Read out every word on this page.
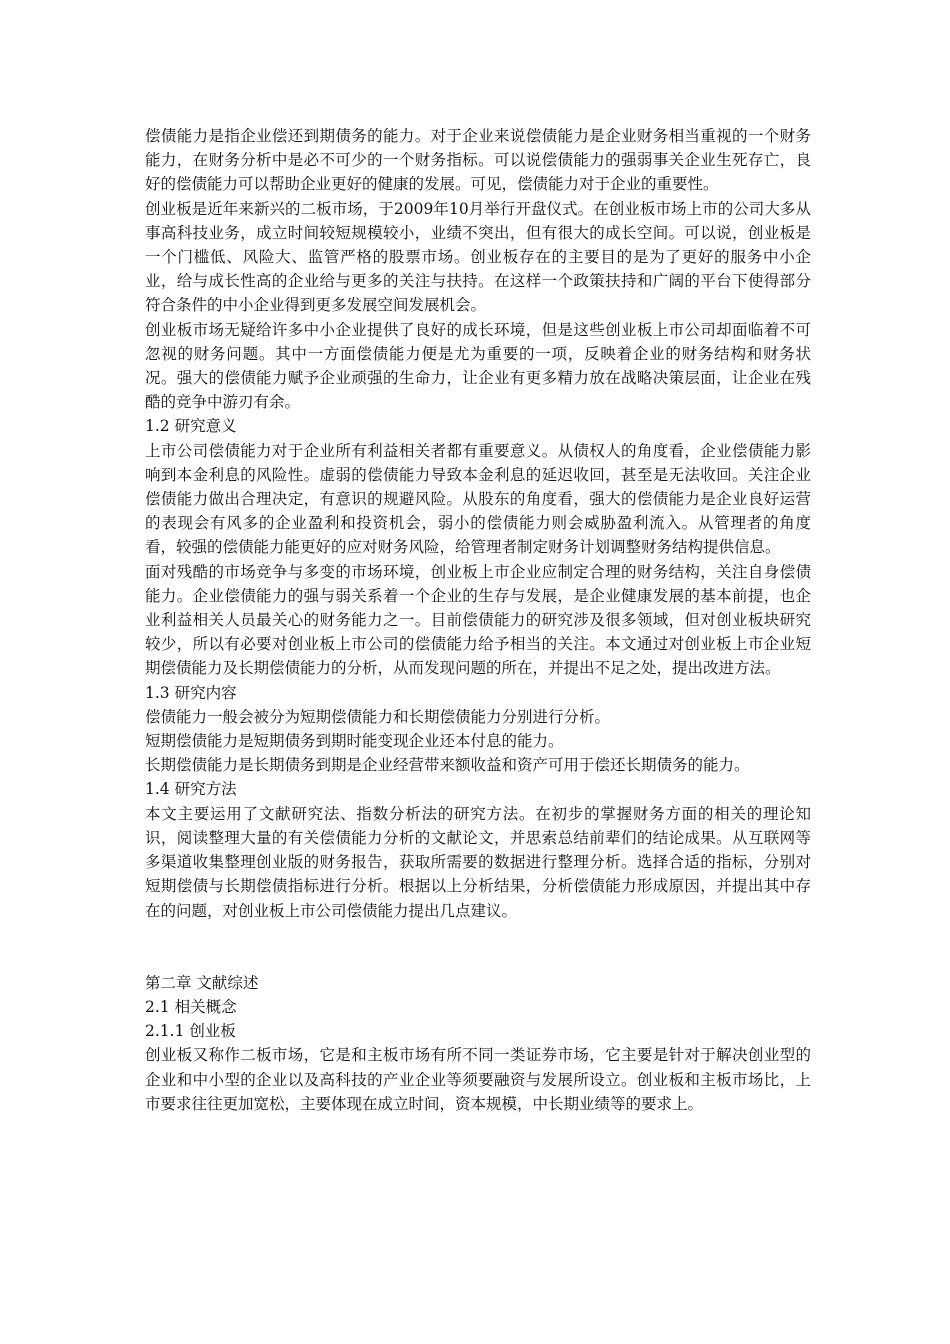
偿债能力是指企业偿还到期债务的能力。对于企业来说偿债能力是企业财务相当重视的一个财务能力，在财务分析中是必不可少的一个财务指标。可以说偿债能力的强弱事关企业生死存亡，良好的偿债能力可以帮助企业更好的健康的发展。可见，偿债能力对于企业的重要性。

创业板是近年来新兴的二板市场，于2009年10月举行开盘仪式。在创业板市场上市的公司大多从事高科技业务，成立时间较短规模较小，业绩不突出，但有很大的成长空间。可以说，创业板是一个门槛低、风险大、监管严格的股票市场。创业板存在的主要目的是为了更好的服务中小企业，给与成长性高的企业给与更多的关注与扶持。在这样一个政策扶持和广阔的平台下使得部分符合条件的中小企业得到更多发展空间发展机会。

创业板市场无疑给许多中小企业提供了良好的成长环境，但是这些创业板上市公司却面临着不可忽视的财务问题。其中一方面偿债能力便是尤为重要的一项，反映着企业的财务结构和财务状况。强大的偿债能力赋予企业顽强的生命力，让企业有更多精力放在战略决策层面，让企业在残酷的竞争中游刃有余。

1.2 研究意义

上市公司偿债能力对于企业所有利益相关者都有重要意义。从债权人的角度看，企业偿债能力影响到本金利息的风险性。虚弱的偿债能力导致本金利息的延迟收回，甚至是无法收回。关注企业偿债能力做出合理决定，有意识的规避风险。从股东的角度看，强大的偿债能力是企业良好运营的表现会有风多的企业盈利和投资机会，弱小的偿债能力则会威胁盈利流入。从管理者的角度看，较强的偿债能力能更好的应对财务风险，给管理者制定财务计划调整财务结构提供信息。

面对残酷的市场竞争与多变的市场环境，创业板上市企业应制定合理的财务结构，关注自身偿债能力。企业偿债能力的强与弱关系着一个企业的生存与发展，是企业健康发展的基本前提，也企业利益相关人员最关心的财务能力之一。目前偿债能力的研究涉及很多领域，但对创业板块研究较少，所以有必要对创业板上市公司的偿债能力给予相当的关注。本文通过对创业板上市企业短期偿债能力及长期偿债能力的分析，从而发现问题的所在，并提出不足之处，提出改进方法。

1.3 研究内容

偿债能力一般会被分为短期偿债能力和长期偿债能力分别进行分析。

短期偿债能力是短期债务到期时能变现企业还本付息的能力。

长期偿债能力是长期债务到期是企业经营带来额收益和资产可用于偿还长期债务的能力。

1.4 研究方法

本文主要运用了文献研究法、指数分析法的研究方法。在初步的掌握财务方面的相关的理论知识，阅读整理大量的有关偿债能力分析的文献论文，并思索总结前辈们的结论成果。从互联网等多渠道收集整理创业版的财务报告，获取所需要的数据进行整理分析。选择合适的指标，分别对短期偿债与长期偿债指标进行分析。根据以上分析结果，分析偿债能力形成原因，并提出其中存在的问题，对创业板上市公司偿债能力提出几点建议。

第二章 文献综述

2.1 相关概念

2.1.1 创业板

创业板又称作二板市场，它是和主板市场有所不同一类证券市场，它主要是针对于解决创业型的企业和中小型的企业以及高科技的产业企业等须要融资与发展所设立。创业板和主板市场比，上市要求往往更加宽松，主要体现在成立时间，资本规模，中长期业绩等的要求上。
